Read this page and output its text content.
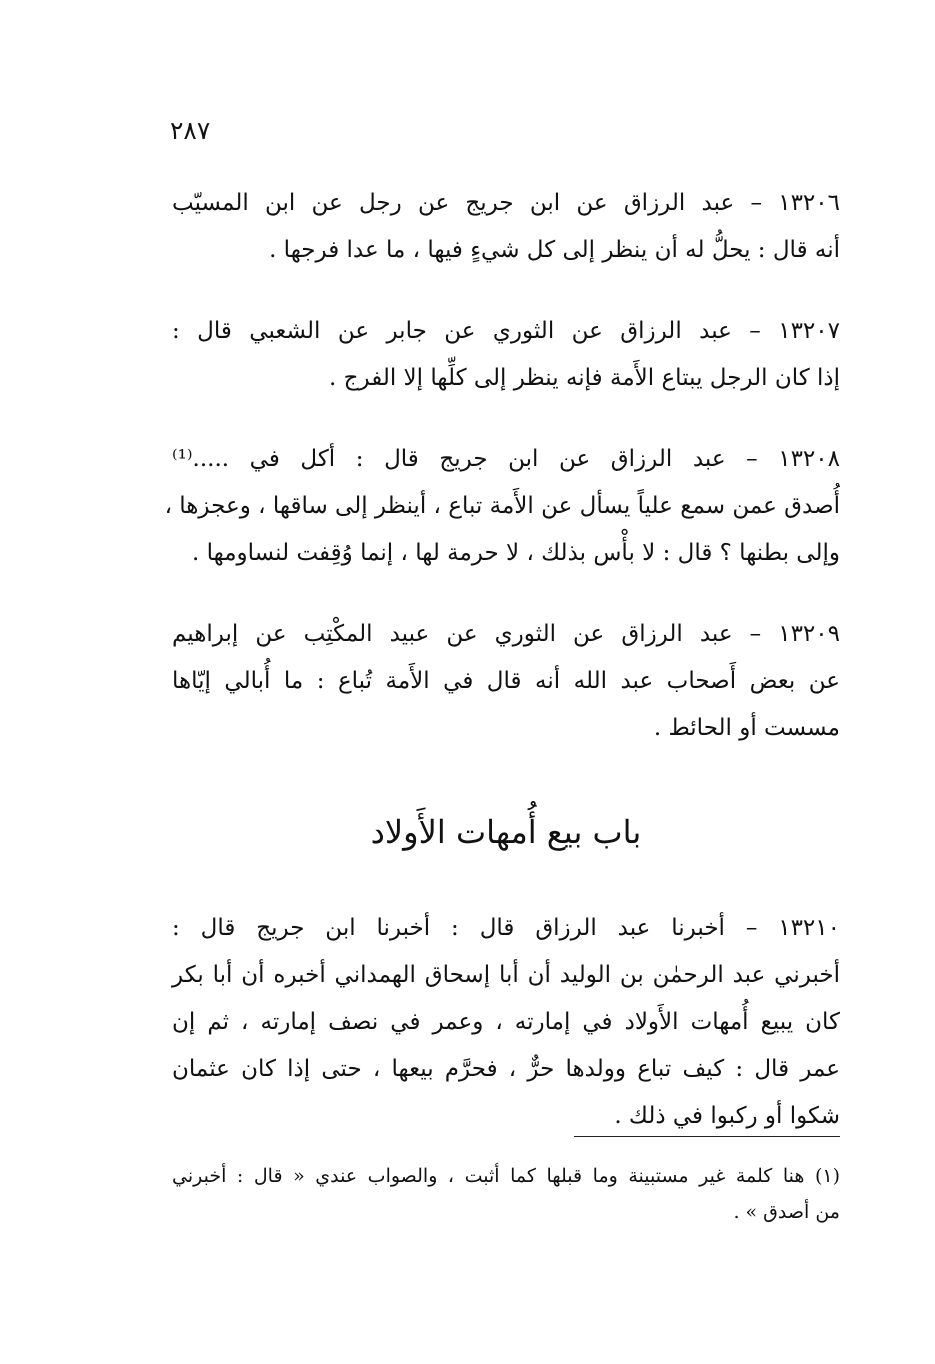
٢٨٧
١٣٢٠٦ – عبد الرزاق عن ابن جريج عن رجل عن ابن المسيّب
أنه قال : يحلُّ له أن ينظر إلى كل شيءٍ فيها ، ما عدا فرجها .
١٣٢٠٧ – عبد الرزاق عن الثوري عن جابر عن الشعبي قال :
إذا كان الرجل يبتاع الأَمة فإنه ينظر إلى كلِّها إلا الفرج .
١٣٢٠٨ – عبد الرزاق عن ابن جريج قال : أكل في .....⁽¹⁾
أُصدق عمن سمع علياً يسأل عن الأَمة تباع ، أينظر إلى ساقها ، وعجزها ،
وإلى بطنها ؟ قال : لا بأْس بذلك ، لا حرمة لها ، إنما وُقِفت لنساومها .
١٣٢٠٩ – عبد الرزاق عن الثوري عن عبيد المكْتِب عن إبراهيم
عن بعض أَصحاب عبد الله أنه قال في الأَمة تُباع : ما أُبالي إيّاها
مسست أو الحائط .
باب بيع أُمهات الأَولاد
١٣٢١٠ – أخبرنا عبد الرزاق قال : أخبرنا ابن جريج قال :
أخبرني عبد الرحمٰن بن الوليد أن أبا إسحاق الهمداني أخبره أن أبا بكر
كان يبيع أُمهات الأَولاد في إمارته ، وعمر في نصف إمارته ، ثم إن
عمر قال : كيف تباع وولدها حرٌّ ، فحرَّم بيعها ، حتى إذا كان عثمان
شكوا أو ركبوا في ذلك .
(١) هنا كلمة غير مستبينة وما قبلها كما أثبت ، والصواب عندي « قال : أخبرني
من أصدق » .
